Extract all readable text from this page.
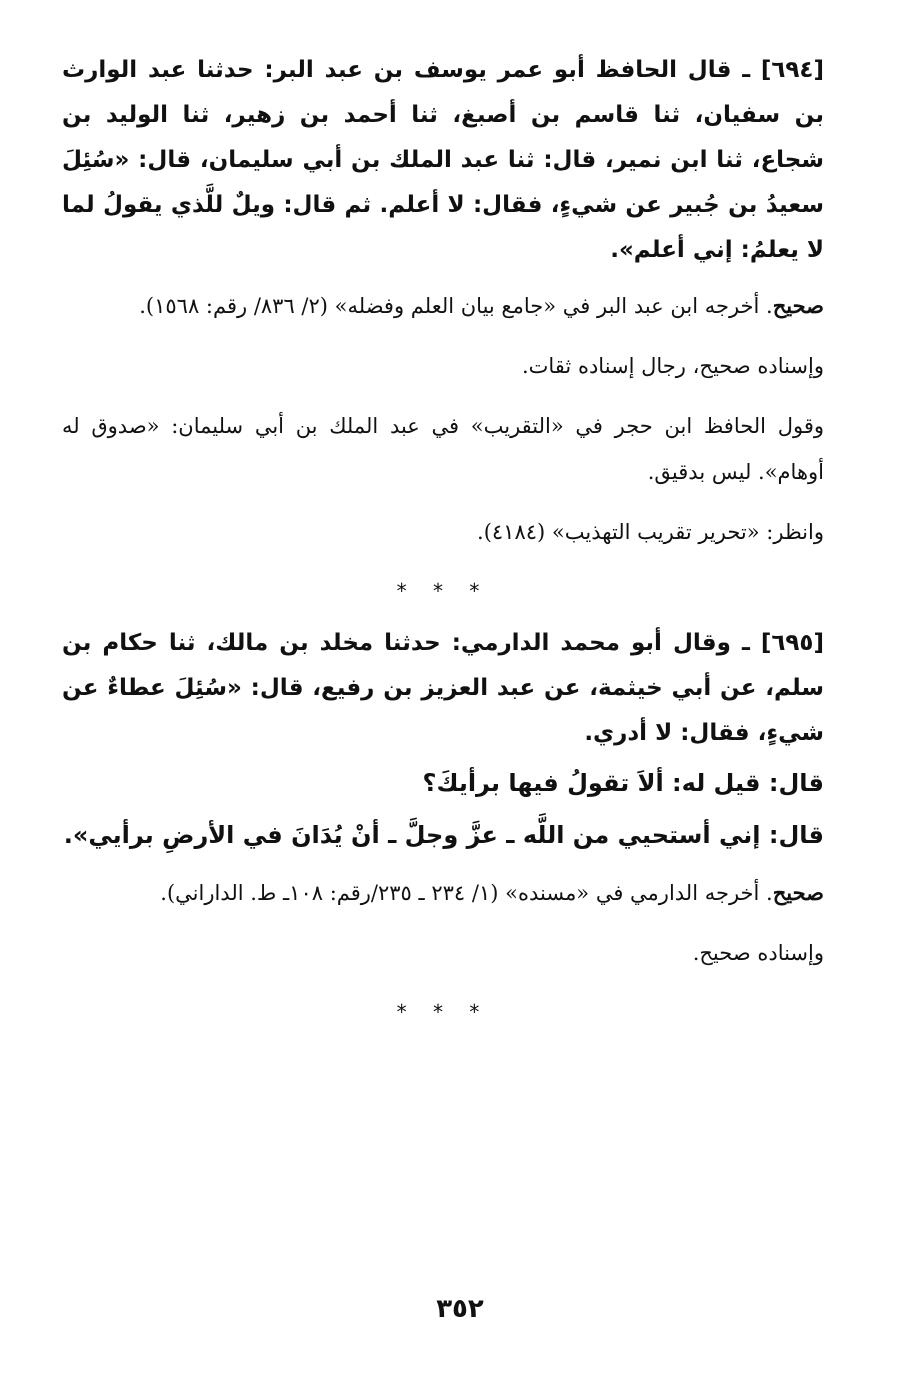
[٦٩٤] ـ قال الحافظ أبو عمر يوسف بن عبد البر: حدثنا عبد الوارث بن سفيان، ثنا قاسم بن أصبغ، ثنا أحمد بن زهير، ثنا الوليد بن شجاع، ثنا ابن نمير، قال: ثنا عبد الملك بن أبي سليمان، قال: «سُئِلَ سعيدُ بن جُبير عن شيءٍ، فقال: لا أعلم. ثم قال: ويلٌ للَّذي يقولُ لما لا يعلمُ: إني أعلم».

صحيح. أخرجه ابن عبد البر في «جامع بيان العلم وفضله» (٢/ ٨٣٦/ رقم: ١٥٦٨).

وإسناده صحيح، رجال إسناده ثقات.

وقول الحافظ ابن حجر في «التقريب» في عبد الملك بن أبي سليمان: «صدوق له أوهام». ليس بدقيق.

وانظر: «تحرير تقريب التهذيب» (٤١٨٤).

* * *

[٦٩٥] ـ وقال أبو محمد الدارمي: حدثنا مخلد بن مالك، ثنا حكام بن سلم، عن أبي خيثمة، عن عبد العزيز بن رفيع، قال: «سُئِلَ عطاءٌ عن شيءٍ، فقال: لا أدري.

قال: قيل له: ألاَ تقولُ فيها برأيكَ؟

قال: إني أستحيي من اللَّه ـ عزَّ وجلَّ ـ أنْ يُدَانَ في الأرضِ برأيي».

صحيح. أخرجه الدارمي في «مسنده» (١/ ٢٣٤ ـ ٢٣٥/رقم: ١٠٨ـ ط. الداراني).

وإسناده صحيح.

* * *
٣٥٢
